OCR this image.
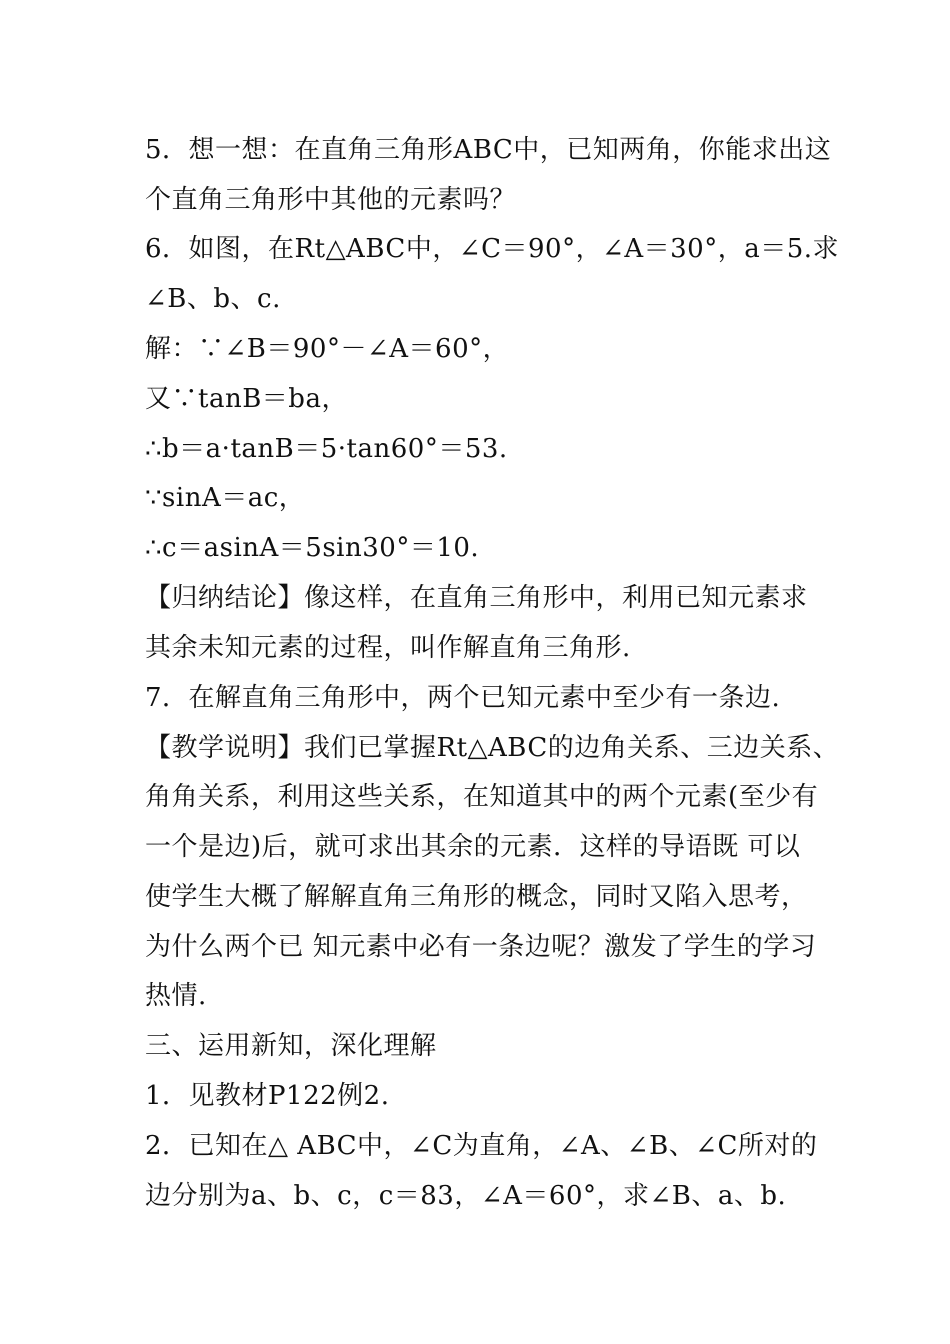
5．想一想：在直角三角形ABC中，已知两角，你能求出这
个直角三角形中其他的元素吗？
6．如图，在Rt△ABC中，∠C＝90°，∠A＝30°，a＝5.求
∠B、b、c.
解：∵∠B＝90°－∠A＝60°，
又∵tanB＝ba，
∴b＝a·tanB＝5·tan60°＝53.
∵sinA＝ac，
∴c＝asinA＝5sin30°＝10.
【归纳结论】像这样，在直角三角形中，利用已知元素求
其余未知元素的过程，叫作解直角三角形.
7．在解直角三角形中，两个已知元素中至少有一条边.
【教学说明】我们已掌握Rt△ABC的边角关系、三边关系、
角角关系，利用这些关系，在知道其中的两个元素(至少有
一个是边)后，就可求出其余的元素．这样的导语既 可以
使学生大概了解解直角三角形的概念，同时又陷入思考，
为什么两个已 知元素中必有一条边呢？激发了学生的学习
热情.
三、运用新知，深化理解
1．见教材P122例2.
2．已知在△ ABC中，∠C为直角，∠A、∠B、∠C所对的
边分别为a、b、c，c＝83，∠A＝60°，求∠B、a、b.
